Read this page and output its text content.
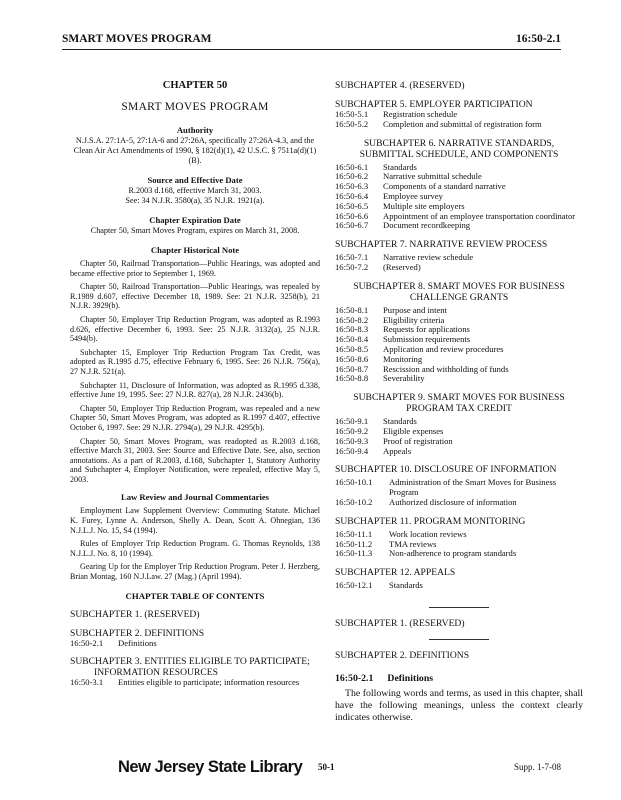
SMART MOVES PROGRAM	16:50-2.1
CHAPTER 50
SMART MOVES PROGRAM
Authority
N.J.S.A. 27:1A-5, 27:1A-6 and 27:26A, specifically 27:26A-4.3, and the Clean Air Act Amendments of 1990, § 182(d)(1), 42 U.S.C. § 7511a(d)(1)(B).
Source and Effective Date
R.2003 d.168, effective March 31, 2003.
See: 34 N.J.R. 3580(a), 35 N.J.R. 1921(a).
Chapter Expiration Date
Chapter 50, Smart Moves Program, expires on March 31, 2008.
Chapter Historical Note

Chapter 50, Railroad Transportation—Public Hearings, was adopted and became effective prior to September 1, 1969.

Chapter 50, Railroad Transportation—Public Hearings, was repealed by R.1989 d.607, effective December 18, 1989. See: 21 N.J.R. 3258(b), 21 N.J.R. 3929(b).

Chapter 50, Employer Trip Reduction Program, was adopted as R.1993 d.626, effective December 6, 1993. See: 25 N.J.R. 3132(a), 25 N.J.R. 5494(b).

Subchapter 15, Employer Trip Reduction Program Tax Credit, was adopted as R.1995 d.75, effective February 6, 1995. See: 26 N.J.R. 756(a), 27 N.J.R. 521(a).

Subchapter 11, Disclosure of Information, was adopted as R.1995 d.338, effective June 19, 1995. See: 27 N.J.R. 827(a), 28 N.J.R. 2436(b).

Chapter 50, Employer Trip Reduction Program, was repealed and a new Chapter 50, Smart Moves Program, was adopted as R.1997 d.407, effective October 6, 1997. See: 29 N.J.R. 2794(a), 29 N.J.R. 4295(b).

Chapter 50, Smart Moves Program, was readopted as R.2003 d.168, effective March 31, 2003. See: Source and Effective Date. See, also, section annotations. As a part of R.2003, d.168, Subchapter 1, Statutory Authority and Subchapter 4, Employer Notification, were repealed, effective May 5, 2003.

Law Review and Journal Commentaries

Employment Law Supplement Overview: Commuting Statute. Michael K. Furey, Lynne A. Anderson, Shelly A. Dean, Scott A. Ohnegian, 136 N.J.L.J. No. 15, S4 (1994).

Rules of Employer Trip Reduction Program. G. Thomas Reynolds, 138 N.J.L.J. No. 8, 10 (1994).

Gearing Up for the Employer Trip Reduction Program. Peter J. Herzberg, Brian Montag, 160 N.J.Law. 27 (Mag.) (April 1994).

CHAPTER TABLE OF CONTENTS
SUBCHAPTER 1. (RESERVED)
SUBCHAPTER 2. DEFINITIONS
16:50-2.1	Definitions
SUBCHAPTER 3. ENTITIES ELIGIBLE TO PARTICIPATE;
INFORMATION RESOURCES
16:50-3.1	Entities eligible to participate; information resources
SUBCHAPTER 4. (RESERVED)
SUBCHAPTER 5. EMPLOYER PARTICIPATION
16:50-5.1	Registration schedule
16:50-5.2	Completion and submittal of registration form
SUBCHAPTER 6. NARRATIVE STANDARDS,
SUBMITTAL SCHEDULE, AND COMPONENTS
16:50-6.1	Standards
16:50-6.2	Narrative submittal schedule
16:50-6.3	Components of a standard narrative
16:50-6.4	Employee survey
16:50-6.5	Multiple site employers
16:50-6.6	Appointment of an employee transportation coordinator
16:50-6.7	Document recordkeeping
SUBCHAPTER 7. NARRATIVE REVIEW PROCESS
16:50-7.1	Narrative review schedule
16:50-7.2	(Reserved)
SUBCHAPTER 8. SMART MOVES FOR BUSINESS
CHALLENGE GRANTS
16:50-8.1	Purpose and intent
16:50-8.2	Eligibility criteria
16:50-8.3	Requests for applications
16:50-8.4	Submission requirements
16:50-8.5	Application and review procedures
16:50-8.6	Monitoring
16:50-8.7	Rescission and withholding of funds
16:50-8.8	Severability
SUBCHAPTER 9. SMART MOVES FOR BUSINESS
PROGRAM TAX CREDIT
16:50-9.1	Standards
16:50-9.2	Eligible expenses
16:50-9.3	Proof of registration
16:50-9.4	Appeals
SUBCHAPTER 10. DISCLOSURE OF INFORMATION
16:50-10.1	Administration of the Smart Moves for Business Program
16:50-10.2	Authorized disclosure of information
SUBCHAPTER 11. PROGRAM MONITORING
16:50-11.1	Work location reviews
16:50-11.2	TMA reviews
16:50-11.3	Non-adherence to program standards
SUBCHAPTER 12. APPEALS
16:50-12.1	Standards
SUBCHAPTER 1. (RESERVED)
SUBCHAPTER 2. DEFINITIONS
16:50-2.1 Definitions
The following words and terms, as used in this chapter, shall have the following meanings, unless the context clearly indicates otherwise.
New Jersey State Library 50-1	Supp. 1-7-08
